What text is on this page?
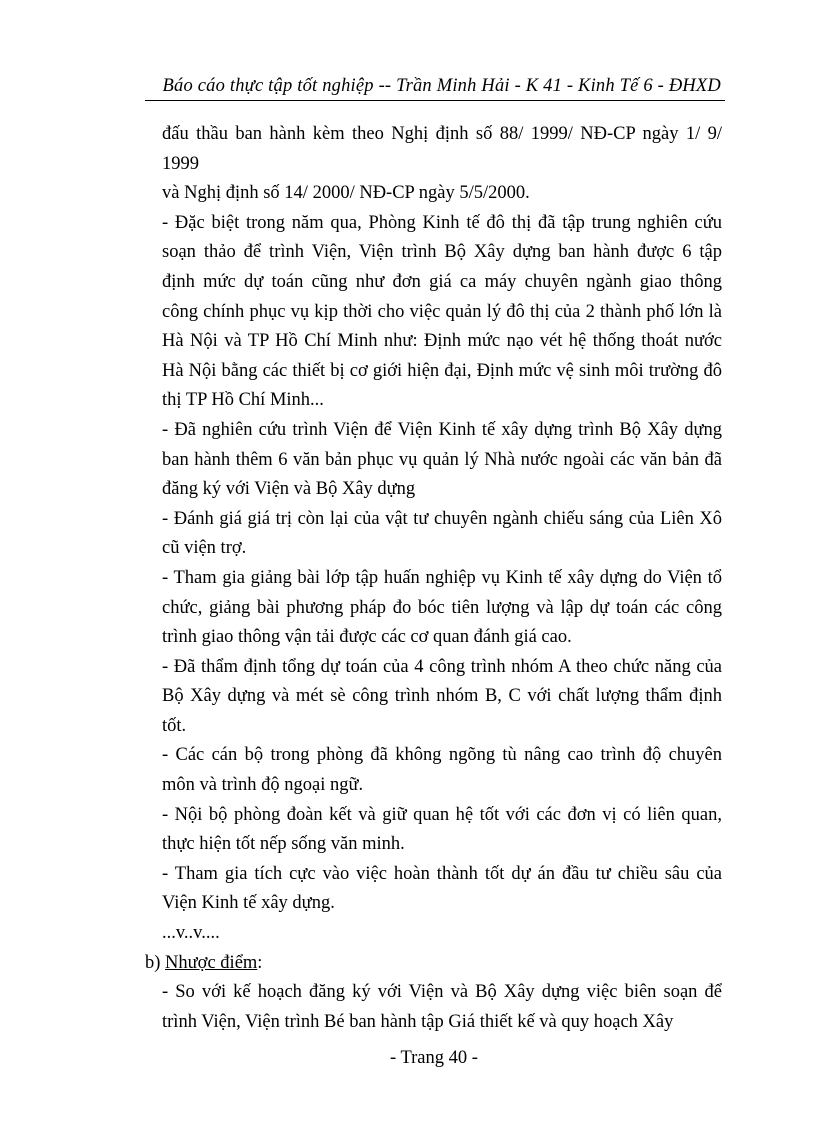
Báo cáo thực tập tốt nghiệp -- Trần Minh Hải - K 41 - Kinh Tế 6 - ĐHXD
đấu thầu ban hành kèm theo Nghị định số 88/ 1999/ NĐ-CP ngày 1/ 9/ 1999
và Nghị định số 14/ 2000/ NĐ-CP ngày 5/5/2000.
- Đặc biệt trong năm qua, Phòng Kinh tế đô thị đã tập trung nghiên cứu
soạn thảo để trình Viện, Viện trình Bộ Xây dựng ban hành được 6 tập
định mức dự toán cũng như đơn giá ca máy chuyên ngành giao thông
công chính phục vụ kịp thời cho việc quản lý đô thị của 2 thành phố lớn là
Hà Nội và TP Hồ Chí Minh như: Định mức nạo vét hệ thống thoát nước
Hà Nội bằng các thiết bị cơ giới hiện đại, Định mức vệ sinh môi trường đô
thị TP Hồ Chí Minh...
- Đã nghiên cứu trình Viện để Viện Kinh tế xây dựng trình Bộ Xây dựng
ban hành thêm 6 văn bản phục vụ quản lý Nhà nước ngoài các văn bản đã
đăng ký với Viện và Bộ Xây dựng
- Đánh giá giá trị còn lại của vật tư chuyên ngành chiếu sáng của Liên Xô
cũ viện trợ.
- Tham gia giảng bài lớp tập huấn nghiệp vụ Kinh tế xây dựng do Viện tổ
chức, giảng bài phương pháp đo bóc tiên lượng và lập dự toán các công
trình giao thông vận tải được các cơ quan đánh giá cao.
- Đã thẩm định tổng dự toán của 4 công trình nhóm A theo chức năng của
Bộ Xây dựng và mét sè công trình nhóm B, C với chất lượng thẩm định
tốt.
- Các cán bộ trong phòng đã không ngõng tù nâng cao trình độ chuyên
môn và trình độ ngoại ngữ.
- Nội bộ phòng đoàn kết và giữ quan hệ tốt với các đơn vị có liên quan,
thực hiện tốt nếp sống văn minh.
- Tham gia tích cực vào việc hoàn thành tốt dự án đầu tư chiều sâu của
Viện Kinh tế xây dựng.
...v..v....
b) Nhược điểm:
- So với kế hoạch đăng ký với Viện và Bộ Xây dựng việc biên soạn để
trình Viện, Viện trình Bé ban hành tập Giá thiết kế và quy hoạch Xây
- Trang 40 -
